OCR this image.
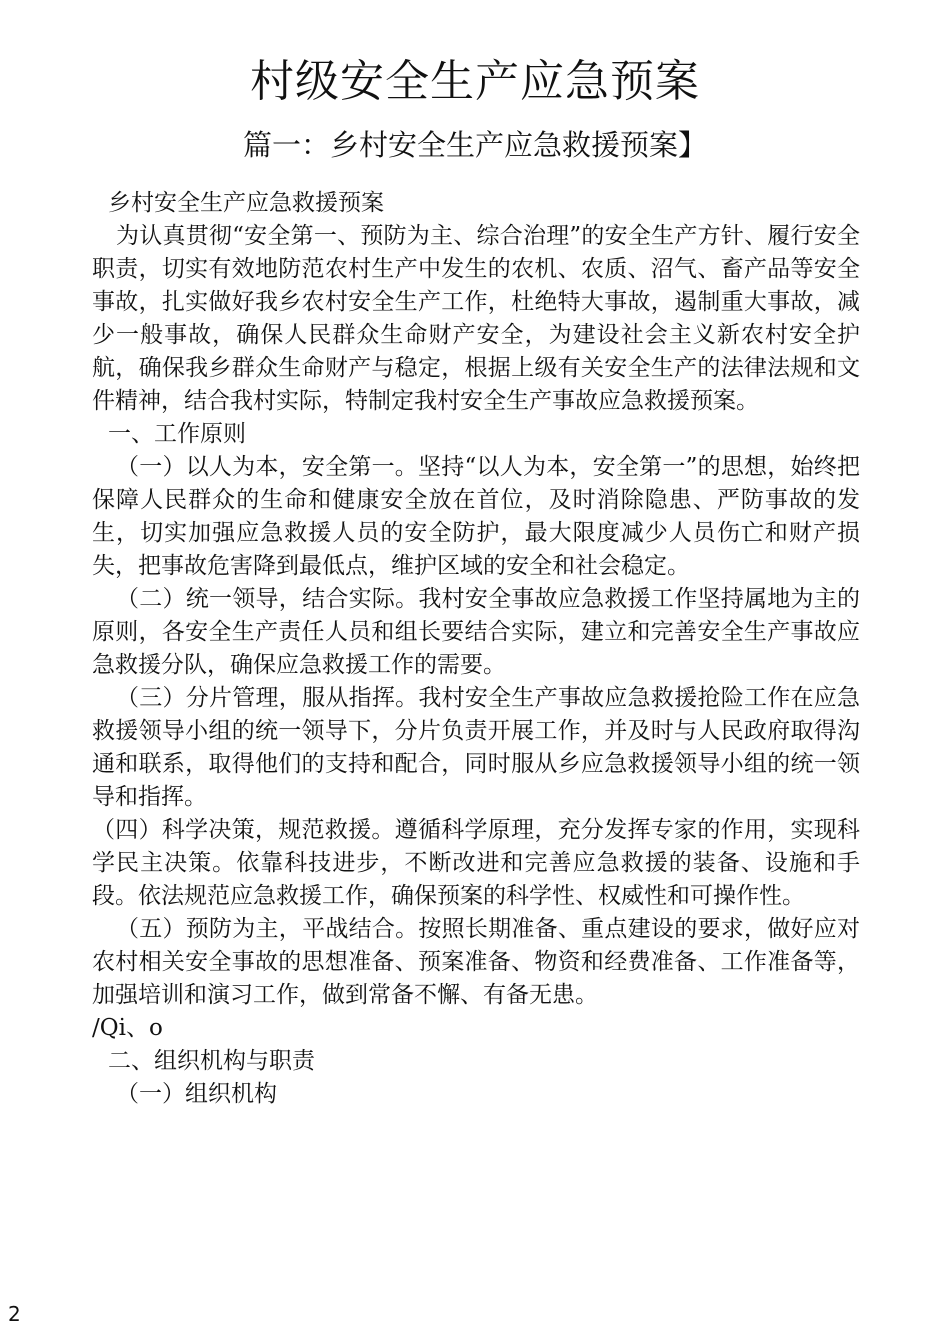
村级安全生产应急预案
篇一：乡村安全生产应急救援预案】

乡村安全生产应急救援预案

为认真贯彻“安全第一、预防为主、综合治理”的安全生产方针、履行安全职责，切实有效地防范农村生产中发生的农机、农质、沼气、畜产品等安全事故，扎实做好我乡农村安全生产工作，杜绝特大事故，遏制重大事故，减少一般事故，确保人民群众生命财产安全，为建设社会主义新农村安全护航，确保我乡群众生命财产与稳定，根据上级有关安全生产的法律法规和文件精神，结合我村实际，特制定我村安全生产事故应急救援预案。

一、工作原则

（一）以人为本，安全第一。坚持“以人为本，安全第一”的思想，始终把保障人民群众的生命和健康安全放在首位，及时消除隐患、严防事故的发生，切实加强应急救援人员的安全防护，最大限度减少人员伤亡和财产损失，把事故危害降到最低点，维护区域的安全和社会稳定。

（二）统一领导，结合实际。我村安全事故应急救援工作坚持属地为主的原则，各安全生产责任人员和组长要结合实际，建立和完善安全生产事故应急救援分队，确保应急救援工作的需要。

（三）分片管理，服从指挥。我村安全生产事故应急救援抢险工作在应急救援领导小组的统一领导下，分片负责开展工作，并及时与人民政府取得沟通和联系，取得他们的支持和配合，同时服从乡应急救援领导小组的统一领导和指挥。

（四）科学决策，规范救援。遵循科学原理，充分发挥专家的作用，实现科学民主决策。依靠科技进步，不断改进和完善应急救援的装备、设施和手段。依法规范应急救援工作，确保预案的科学性、权威性和可操作性。

（五）预防为主，平战结合。按照长期准备、重点建设的要求，做好应对农村相关安全事故的思想准备、预案准备、物资和经费准备、工作准备等，加强培训和演习工作，做到常备不懈、有备无患。

/Qi、o

二、组织机构与职责

（一）组织机构

2
